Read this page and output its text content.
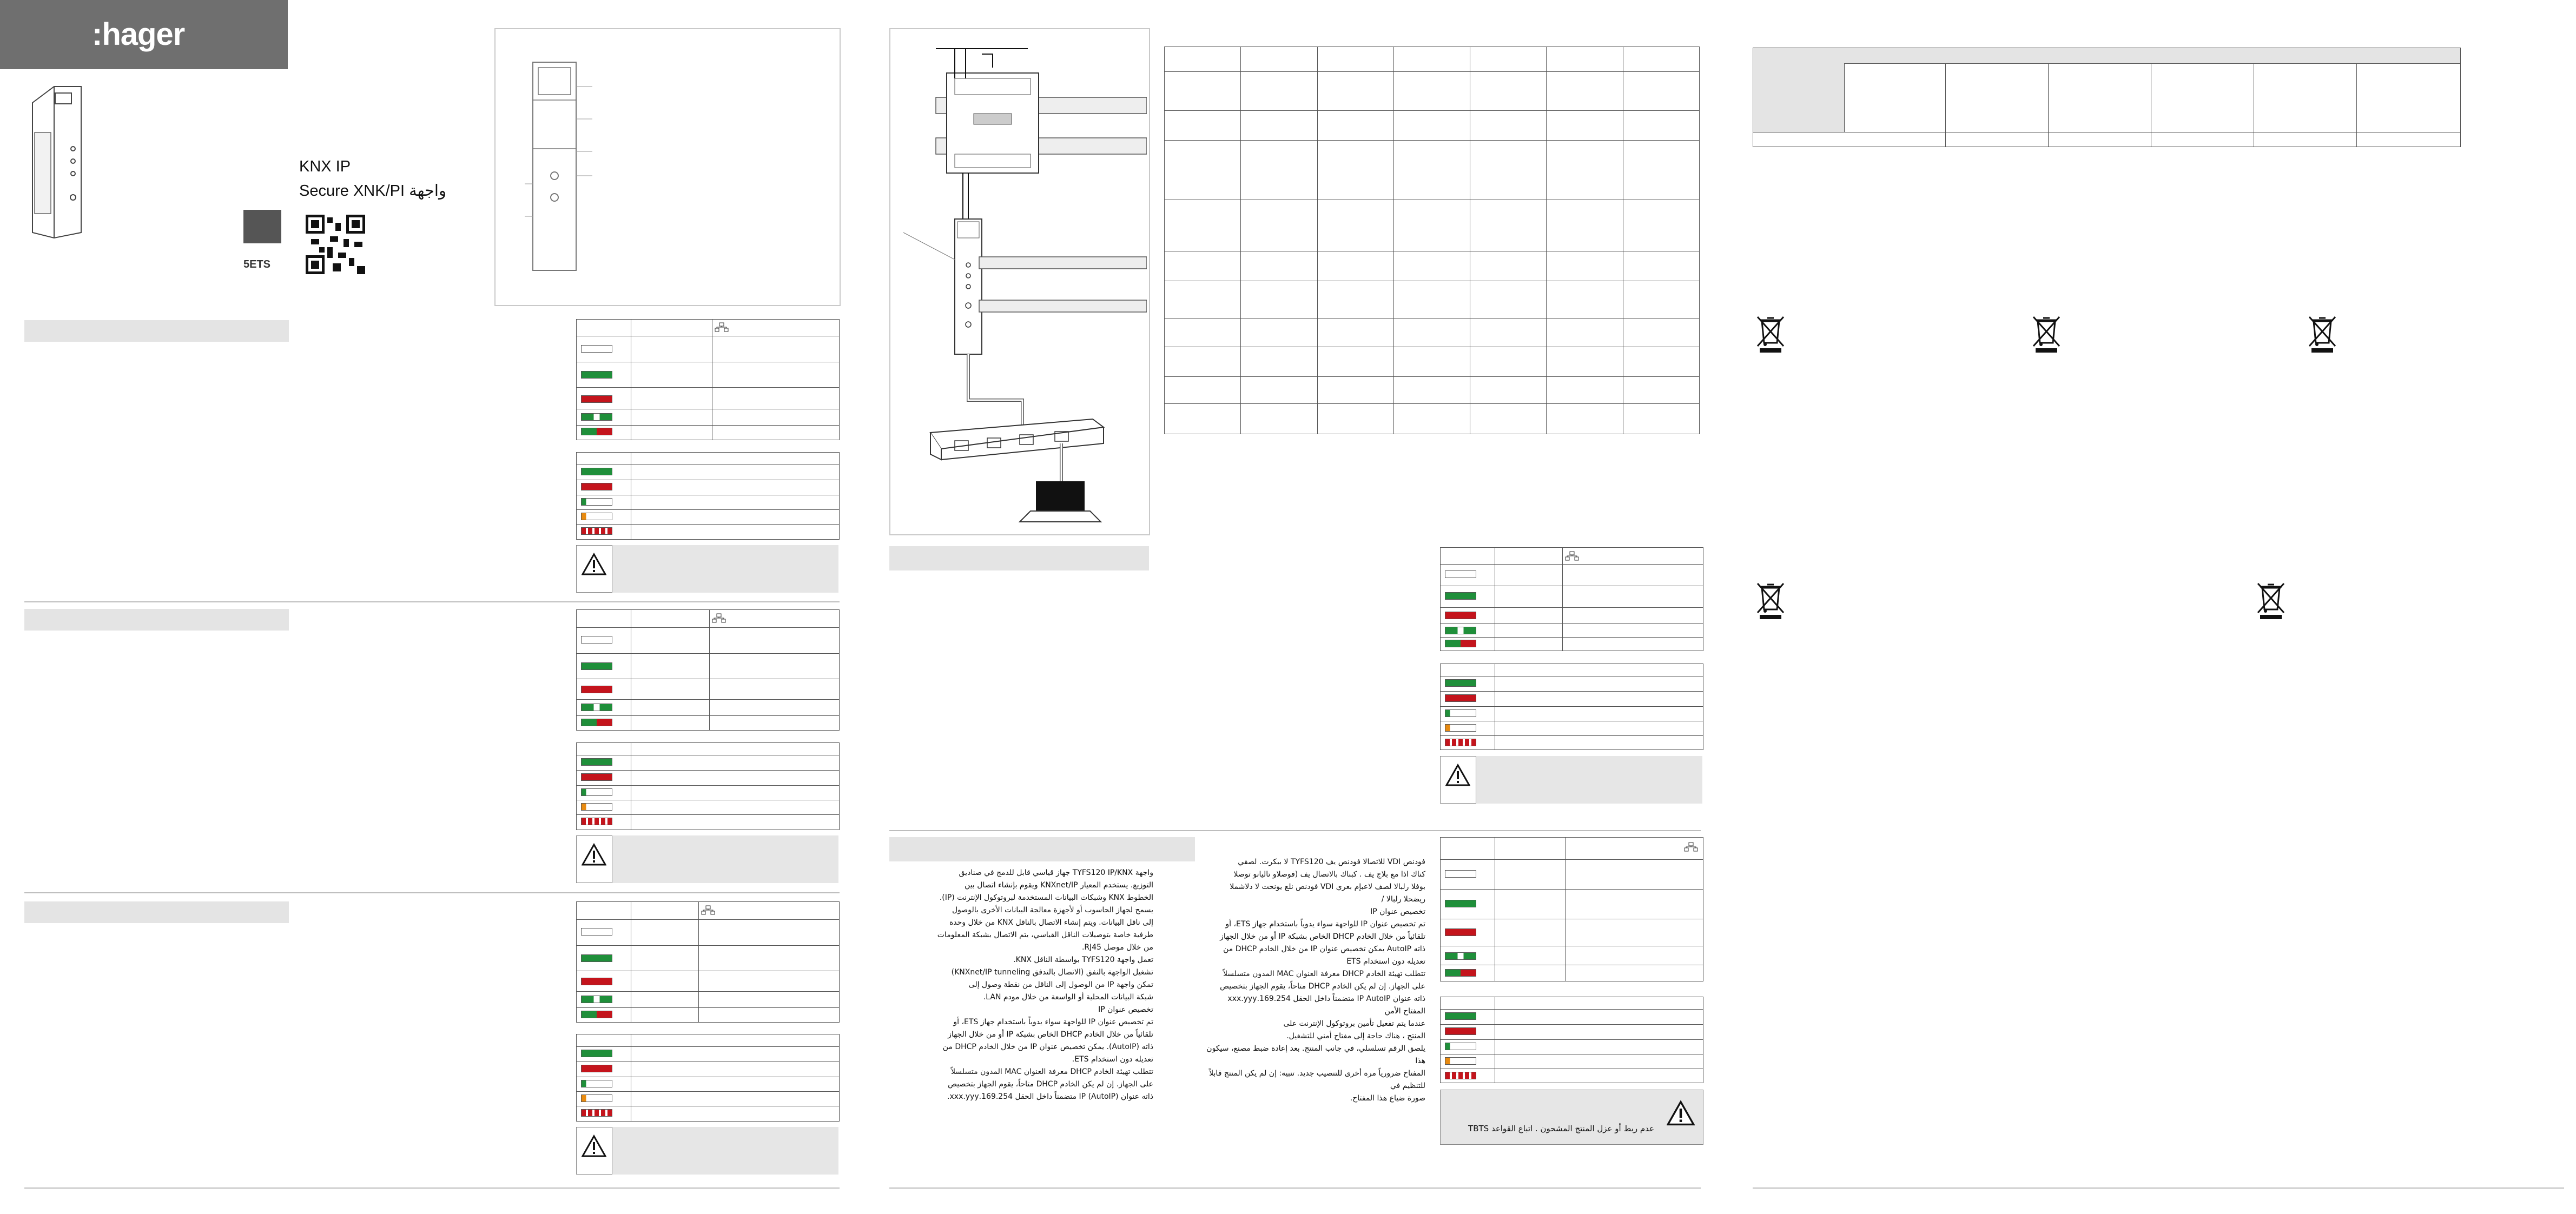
:hager
KNX IP
Secure XNK/PI واجهة
5ETS
ETS

عدم ربط أو عزل المنتج المشحون . اتباع القواعد TBTS
واجهة TYFS120 IP/KNX جهاز قياسي قابل للدمج في صناديق
التوزيع. يستخدم المعيار KNXnet/IP ويقوم بإنشاء اتصال بين
الخطوط KNX وشبكات البيانات المستخدمة لبروتوكول الإنترنت (IP).
يسمح لجهاز الحاسوب أو لأجهزة معالجة البيانات الأخرى بالوصول
إلى ناقل البيانات. ويتم إنشاء الاتصال بالناقل KNX من خلال وحدة
طرفية خاصة بتوصيلات الناقل القياسي، يتم الاتصال بشبكة المعلومات
من خلال موصل RJ45.
تعمل واجهة TYFS120 بواسطة الناقل KNX.
تشغيل الواجهة بالنفق (الاتصال بالتدفق KNXnet/IP tunneling)
تمكن واجهة IP من الوصول إلى الناقل من نقطة وصول إلى
شبكة البيانات المحلية أو الواسعة من خلال مودم LAN.
تخصيص عنوان IP
تم تخصيص عنوان IP للواجهة سواء يدوياً باستخدام جهاز ETS، أو
تلقائياً من خلال الخادم DHCP الخاص بشبكة IP أو من خلال الجهاز
ذاته (AutoIP). يمكن تخصيص عنوان IP من خلال الخادم DHCP من
تعديله دون استخدام ETS.
تتطلب تهيئة الخادم DHCP معرفة العنوان MAC المدون متسلسلاً
على الجهاز. إن لم يكن الخادم DHCP متاحاً، يقوم الجهاز بتخصيص
ذاته عنوان IP (AutoIP) متضمناً داخل الحقل 169.254.xxx.yyy.
فودنص VDI للاتصالا فودنص يف TYFS120 لا ببكرت. لصقي
كناك اذا مع بلاج يف . كبناك بالاتصال يف (فوصلاو تاليانو توصلا
بوفلا رلبالا لصف لاعبإم بعري VDI فودنص نلع يونحت لا دلاشملا
ريضحلا رلبالا /
تخصيص عنوان IP
تم تخصيص عنوان IP للواجهة سواء يدوياً باستخدام جهاز ETS، أو
تلقائياً من خلال الخادم DHCP الخاص بشبكة IP أو من خلال الجهاز
ذاته AutoIP يمكن تخصيص عنوان IP من خلال الخادم DHCP من
تعديله دون استخدام ETS
تتطلب تهيئة الخادم DHCP معرفة العنوان MAC المدون متسلسلاً
على الجهاز. إن لم يكن الخادم DHCP متاحاً، يقوم الجهاز بتخصيص
ذاته عنوان IP AutoIP متضمناً داخل الحقل 169.254.xxx.yyy
المفتاح الأمن
عندما يتم تفعيل تأمين بروتوكول الإنترنت على
المنتج ، هناك حاجة إلى مفتاح أمني للتشغيل.
يلصق الرقم تسلسلي، في جانب المنتج. بعد إعادة ضبط مصنع، سيكون هذا
المفتاح ضرورياً مرة أخرى للتنصيب جديد. تنبيه: إن لم يكن المنتج قابلاً للتنظيم في
صورة ضياع هذا المفتاح.
